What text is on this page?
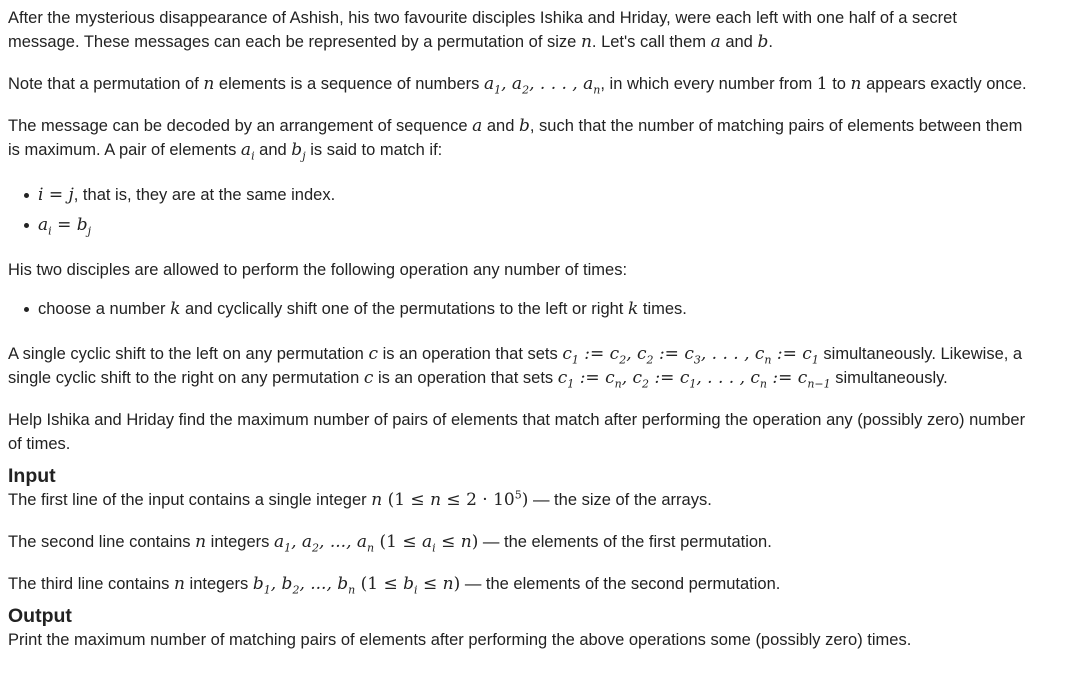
After the mysterious disappearance of Ashish, his two favourite disciples Ishika and Hriday, were each left with one half of a secret
message. These messages can each be represented by a permutation of size n. Let's call them a and b.

Note that a permutation of n elements is a sequence of numbers $a_1$, $a_2$, . . . , $a_n$, in which every number from 1 to n appears exactly once.

The message can be decoded by an arrangement of sequence a and b, such that the number of matching pairs of elements between them
is maximum. A pair of elements $a_i$ and $b_j$ is said to match if:

i = j, that is, they are at the same index.
$a_i = b_j$

His two disciples are allowed to perform the following operation any number of times:

choose a number k and cyclically shift one of the permutations to the left or right k times.

A single cyclic shift to the left on any permutation c is an operation that sets $c_1$ := $c_2$, $c_2$ := $c_3$, . . . , $c_n$ := $c_1$ simultaneously. Likewise, a
single cyclic shift to the right on any permutation c is an operation that sets $c_1$ := $c_n$, $c_2$ := $c_1$, . . . , $c_n$ := $c_{n-1}$ simultaneously.

Help Ishika and Hriday find the maximum number of pairs of elements that match after performing the operation any (possibly zero) number
of times.

Input

The first line of the input contains a single integer n $(1 \le n \le 2 \cdot 10^5)$ — the size of the arrays.

The second line contains n integers $a_1$, $a_2$, ..., $a_n$ $(1 \le a_i \le n)$ — the elements of the first permutation.

The third line contains n integers $b_1$, $b_2$, ..., $b_n$ $(1 \le b_i \le n)$ — the elements of the second permutation.

Output

Print the maximum number of matching pairs of elements after performing the above operations some (possibly zero) times.
